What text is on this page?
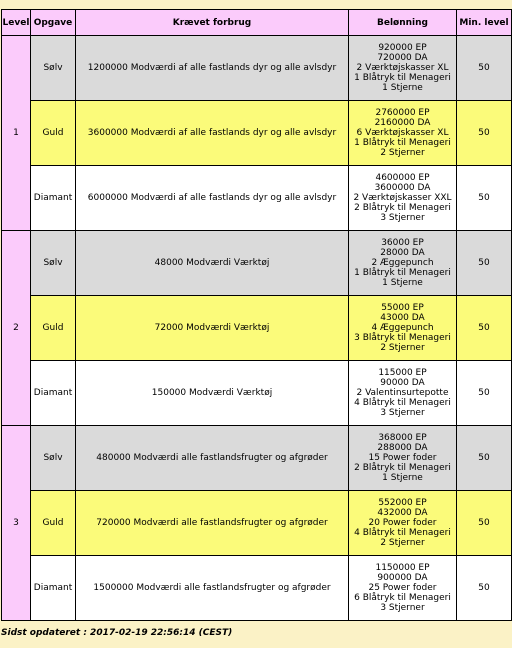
Level	Opgave	Krævet forbrug	Belønning	Min. level
1	Sølv	1200000 Modværdi af alle fastlands dyr og alle avlsdyr	920000 EP
720000 DA
2 Værktøjskasser XL
1 Blåtryk til Menageri
1 Stjerne	50
	Guld	3600000 Modværdi af alle fastlands dyr og alle avlsdyr	2760000 EP
2160000 DA
6 Værktøjskasser XL
1 Blåtryk til Menageri
2 Stjerner	50
	Diamant	6000000 Modværdi af alle fastlands dyr og alle avlsdyr	4600000 EP
3600000 DA
2 Værktøjskasser XXL
2 Blåtryk til Menageri
3 Stjerner	50
2	Sølv	48000 Modværdi Værktøj	36000 EP
28000 DA
2 Æggepunch
1 Blåtryk til Menageri
1 Stjerne	50
	Guld	72000 Modværdi Værktøj	55000 EP
43000 DA
4 Æggepunch
3 Blåtryk til Menageri
2 Stjerner	50
	Diamant	150000 Modværdi Værktøj	115000 EP
90000 DA
2 Valentinsurtepotte
4 Blåtryk til Menageri
3 Stjerner	50
3	Sølv	480000 Modværdi alle fastlandsfrugter og afgrøder	368000 EP
288000 DA
15 Power foder
2 Blåtryk til Menageri
1 Stjerne	50
	Guld	720000 Modværdi alle fastlandsfrugter og afgrøder	552000 EP
432000 DA
20 Power foder
4 Blåtryk til Menageri
2 Stjerner	50
	Diamant	1500000 Modværdi alle fastlandsfrugter og afgrøder	1150000 EP
900000 DA
25 Power foder
6 Blåtryk til Menageri
3 Stjerner	50
Sidst opdateret : 2017-02-19 22:56:14 (CEST)
